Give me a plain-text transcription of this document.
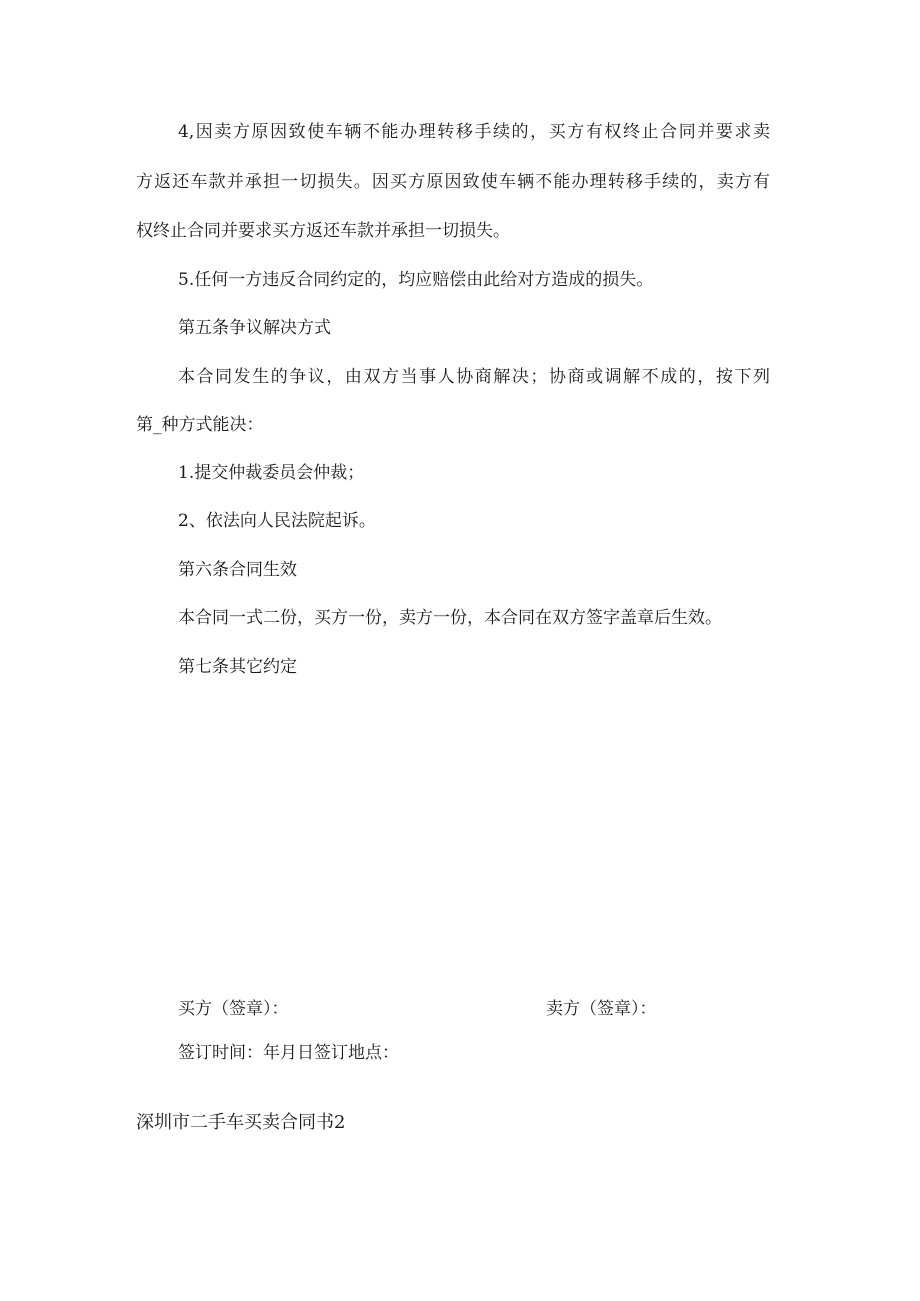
4,因卖方原因致使车辆不能办理转移手续的，买方有权终止合同并要求卖
方返还车款并承担一切损失。因买方原因致使车辆不能办理转移手续的，卖方有
权终止合同并要求买方返还车款并承担一切损失。
5.任何一方违反合同约定的，均应赔偿由此给对方造成的损失。
第五条争议解决方式
本合同发生的争议，由双方当事人协商解决；协商或调解不成的，按下列
第_种方式能决：
1.提交仲裁委员会仲裁；
2、依法向人民法院起诉。
第六条合同生效
本合同一式二份，买方一份，卖方一份，本合同在双方签字盖章后生效。
第七条其它约定
买方（签章）：	卖方（签章）：
签订时间：年月日签订地点：
深圳市二手车买卖合同书2
